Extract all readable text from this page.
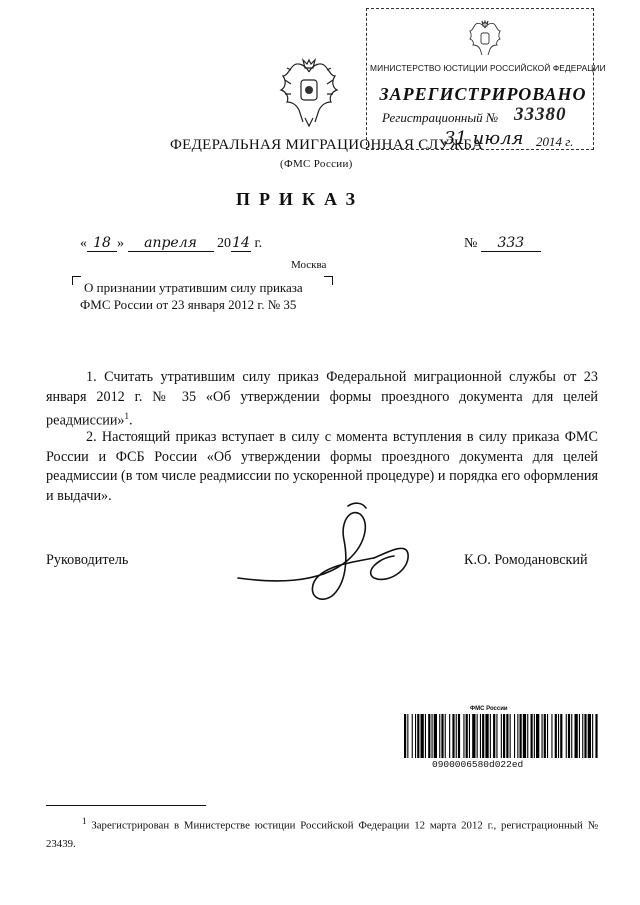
МИНИСТЕРСТВО ЮСТИЦИИ РОССИЙСКОЙ ФЕДЕРАЦИИ
ЗАРЕГИСТРИРОВАНО
Регистрационный № 33380
31 июля 2014 г.
ФЕДЕРАЛЬНАЯ МИГРАЦИОННАЯ СЛУЖБА
(ФМС России)
ПРИКАЗ
« 18 » апреля 2014 г.	№ 333
Москва
О признании утратившим силу приказа
ФМС России от 23 января 2012 г. № 35
1. Считать утратившим силу приказ Федеральной миграционной службы от 23 января 2012 г. № 35 «Об утверждении формы проездного документа для целей реадмиссии»$^1$.
2. Настоящий приказ вступает в силу с момента вступления в силу приказа ФМС России и ФСБ России «Об утверждении формы проездного документа для целей реадмиссии (в том числе реадмиссии по ускоренной процедуре) и порядка его оформления и выдачи».
Руководитель	К.О. Ромодановский
ФМС России
0900006580d022ed
$^1$ Зарегистрирован в Министерстве юстиции Российской Федерации 12 марта 2012 г., регистрационный № 23439.
